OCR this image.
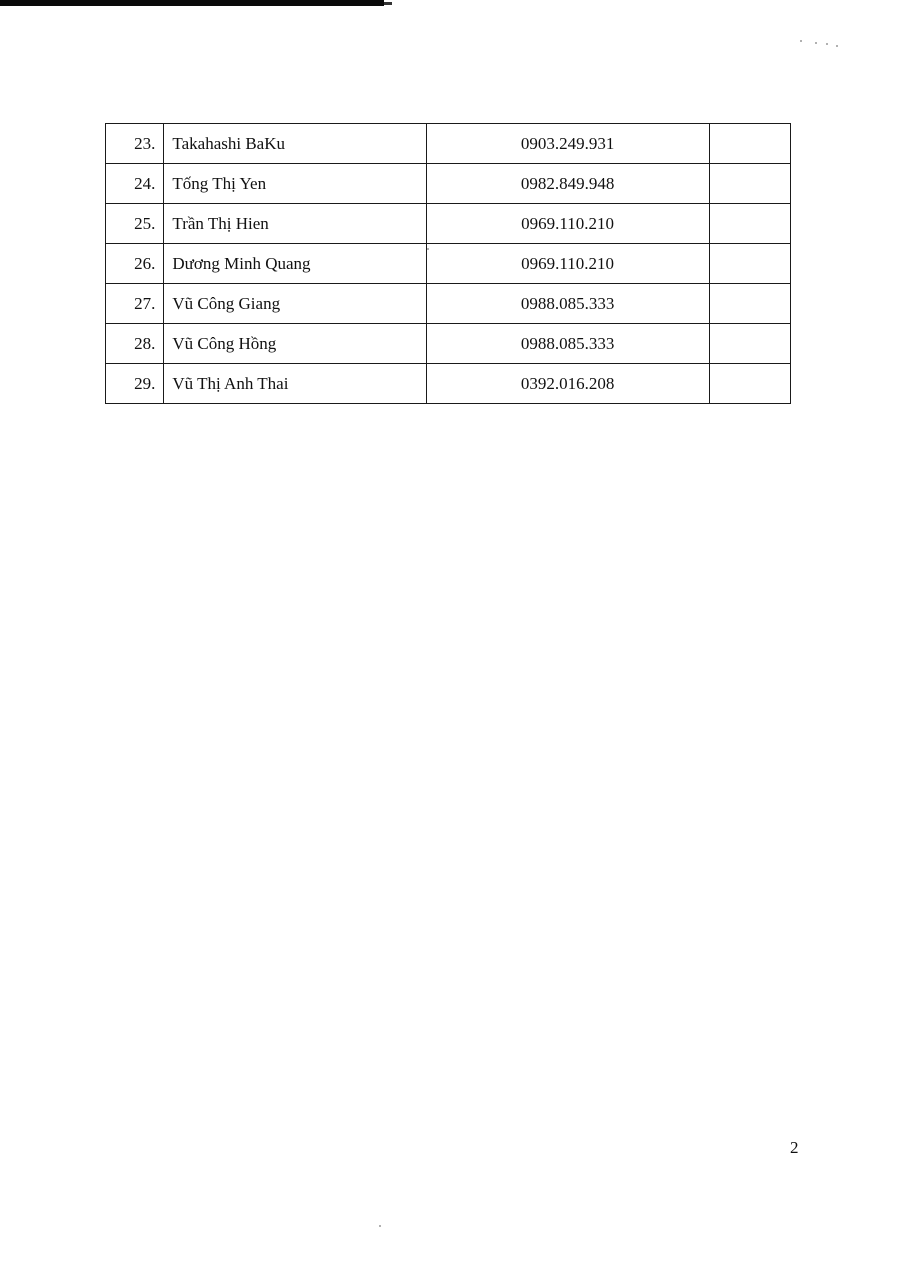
23.	Takahashi BaKu	0903.249.931	
24.	Tống Thị Yen	0982.849.948	
25.	Trần Thị Hien	0969.110.210	
26.	Dương Minh Quang	0969.110.210	
27.	Vũ Công Giang	0988.085.333	
28.	Vũ Công Hồng	0988.085.333	
29.	Vũ Thị Anh Thai	0392.016.208	
2
